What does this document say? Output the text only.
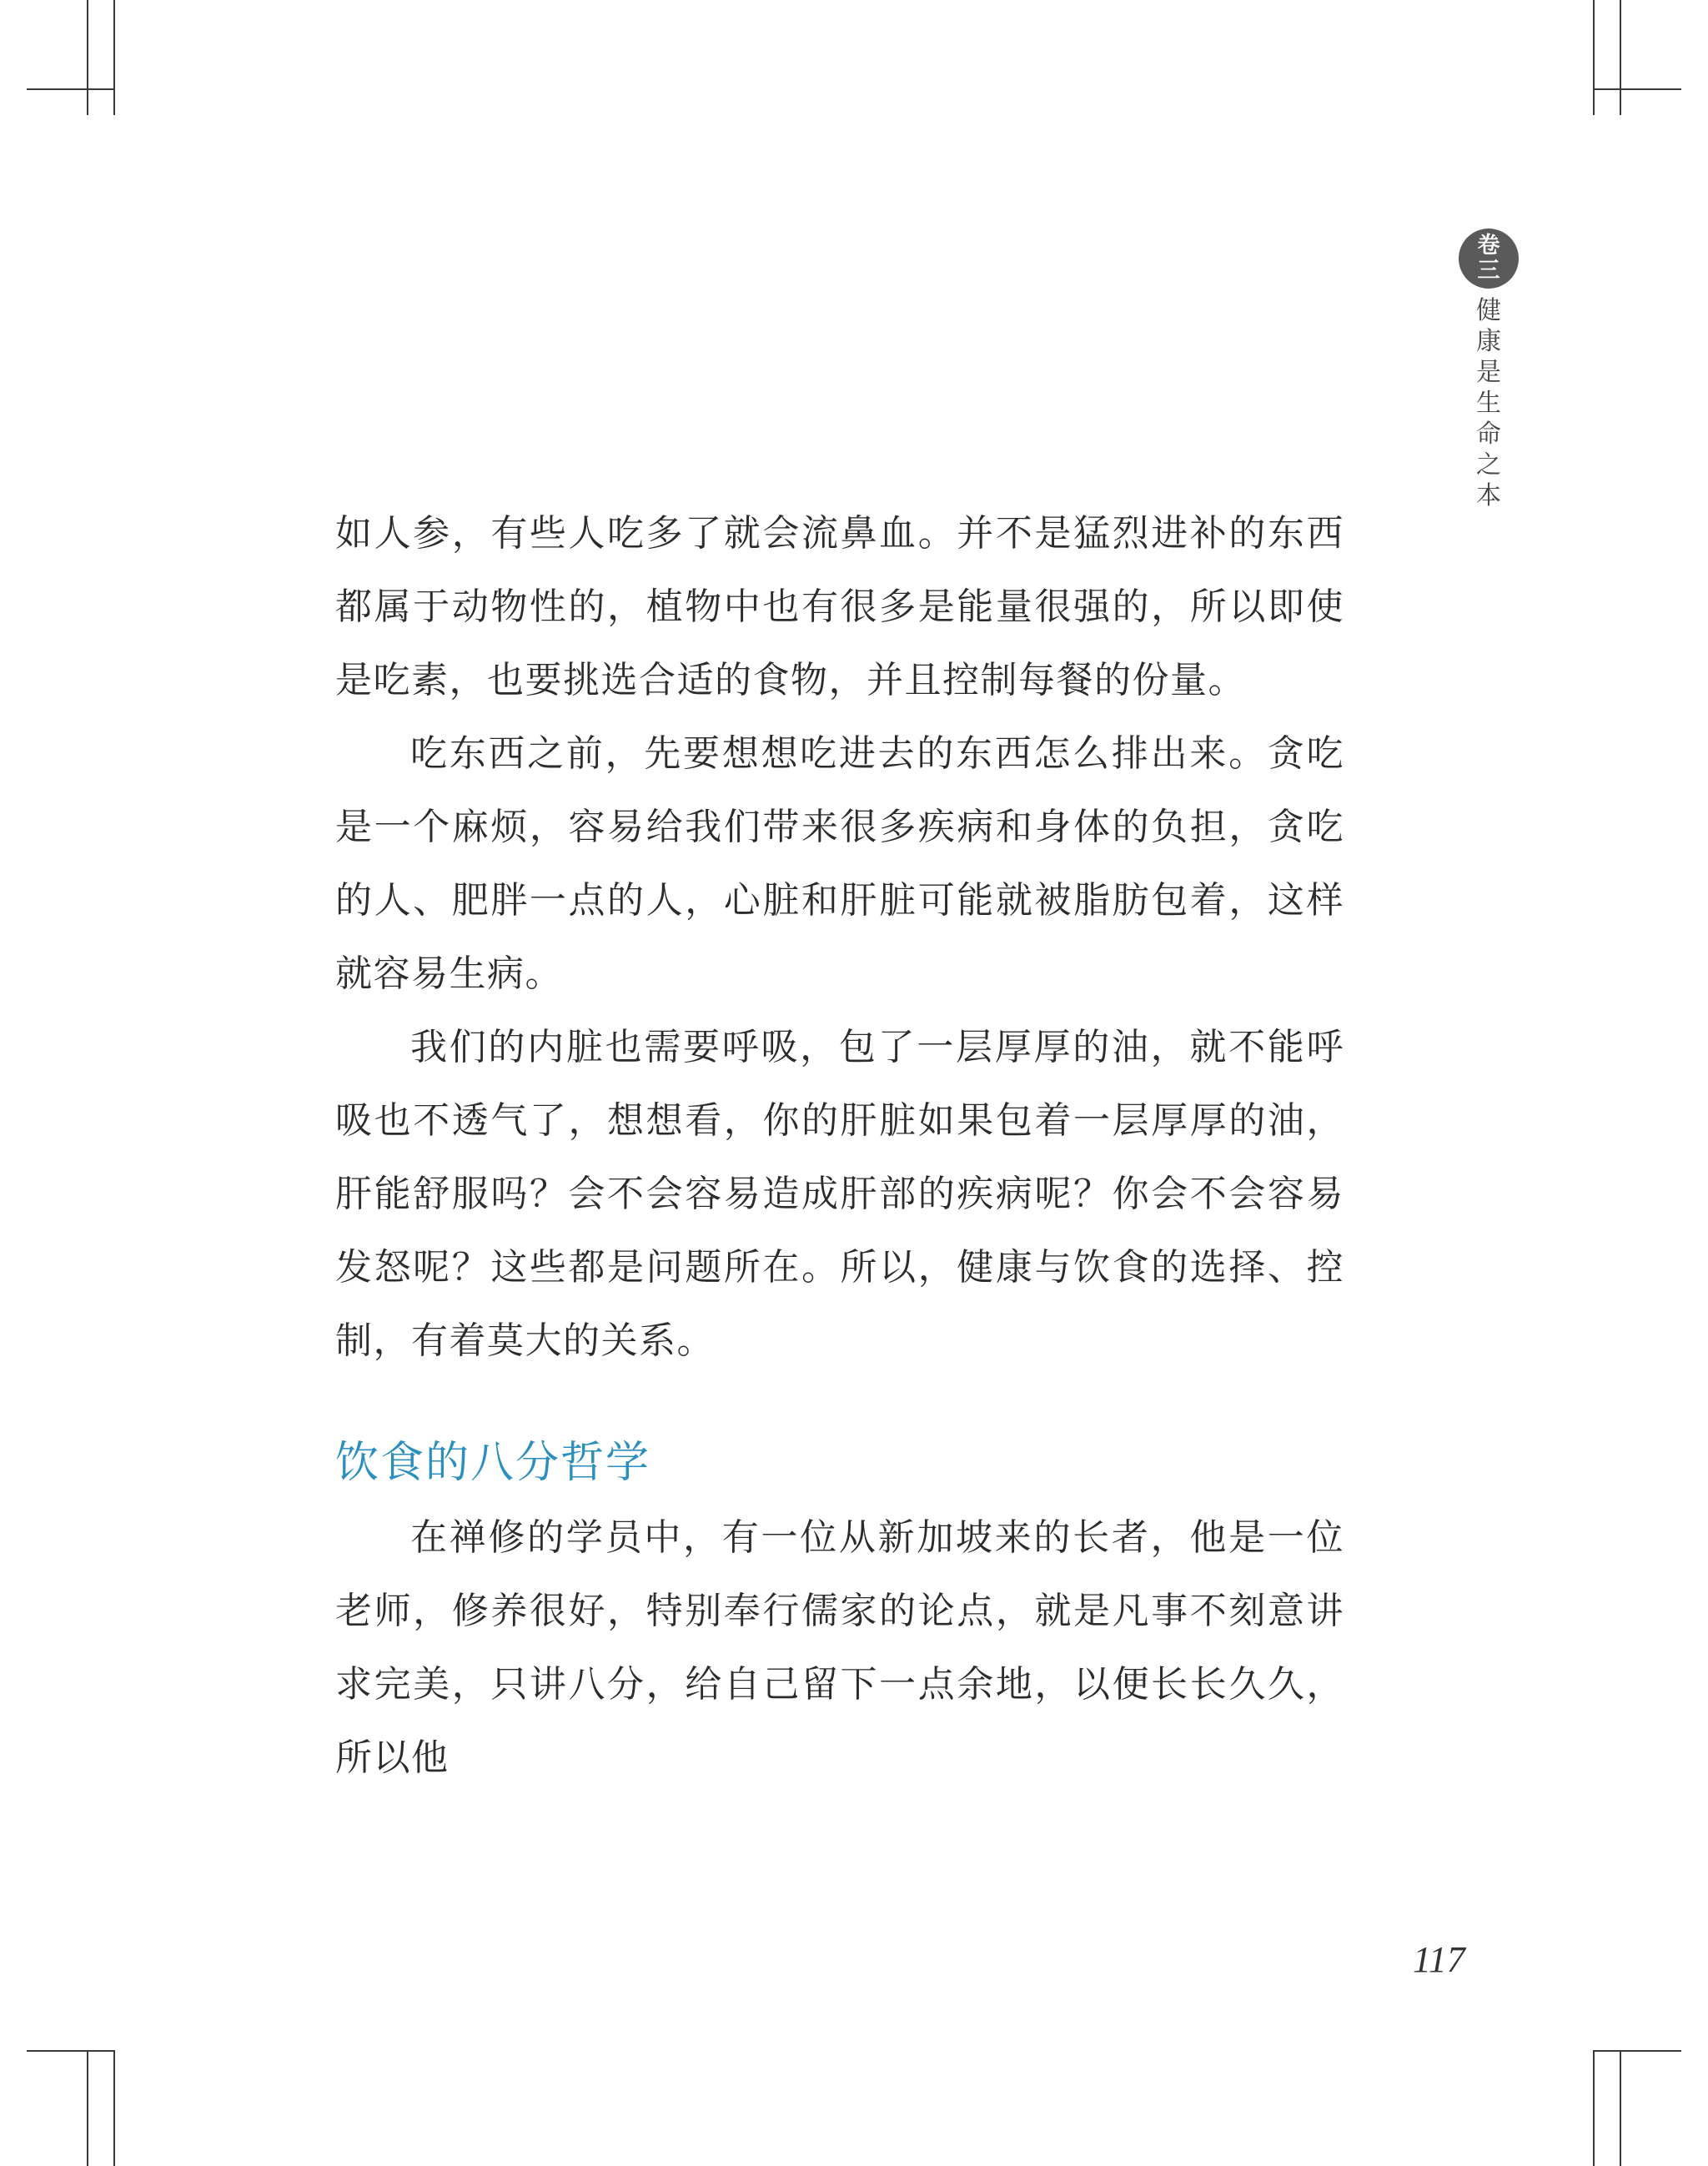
卷
三
健
康
是
生
命
之
本

如人参，有些人吃多了就会流鼻血。并不是猛烈进补的东西都属于动物性的，植物中也有很多是能量很强的，所以即使是吃素，也要挑选合适的食物，并且控制每餐的份量。

吃东西之前，先要想想吃进去的东西怎么排出来。贪吃是一个麻烦，容易给我们带来很多疾病和身体的负担，贪吃的人、肥胖一点的人，心脏和肝脏可能就被脂肪包着，这样就容易生病。

我们的内脏也需要呼吸，包了一层厚厚的油，就不能呼吸也不透气了，想想看，你的肝脏如果包着一层厚厚的油，肝能舒服吗？会不会容易造成肝部的疾病呢？你会不会容易发怒呢？这些都是问题所在。所以，健康与饮食的选择、控制，有着莫大的关系。

饮食的八分哲学

在禅修的学员中，有一位从新加坡来的长者，他是一位老师，修养很好，特别奉行儒家的论点，就是凡事不刻意讲求完美，只讲八分，给自己留下一点余地，以便长长久久，所以他

117
